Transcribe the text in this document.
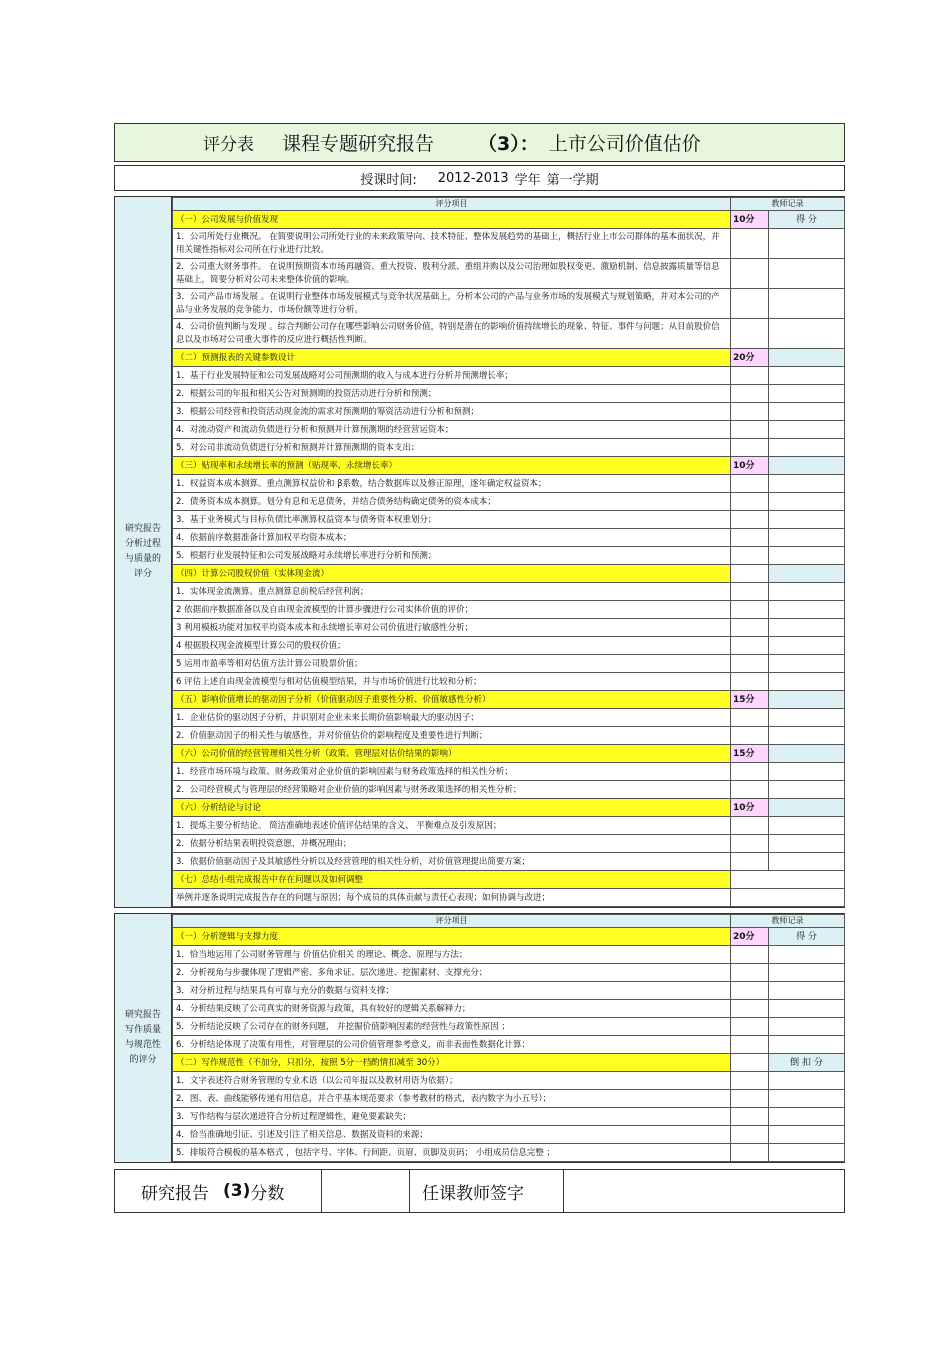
评分表 课程专题研究报告 （3）： 上市公司价值估价
授课时间: 2012-2013 学年 第一学期
研究报告分析过程与质量的评分
评分项目	教师记录	
（一）公司发展与价值发现	10分	得 分
1．公司所处行业概况。 在简要说明公司所处行业的未来政策导向、技术特征、整体发展趋势的基础上，概括行业上市公司群体的基本面状况，并用关键性指标对公司所在行业进行比较。		
2．公司重大财务事件。 在说明预期资本市场再融资、重大投资、股利分派、重组并购以及公司治理如股权变更、激励机制、信息披露质量等信息基础上，简要分析对公司未来整体价值的影响。		
3．公司产品市场发展 。在说明行业整体市场发展模式与竞争状况基础上，分析本公司的产品与业务市场的发展模式与规划策略，并对本公司的产品与业务发展的竞争能力、市场份额等进行分析。		
4．公司价值判断与发现 。综合判断公司存在哪些影响公司财务价值，特别是潜在的影响价值持续增长的现象、特征、事件与问题；从目前股价信息以及市场对公司重大事件的反应进行概括性判断。		
（二）预测报表的关键参数设计	20分	
1．基于行业发展特征和公司发展战略对公司预测期的收入与成本进行分析并预测增长率；		
2．根据公司的年报和相关公告对预测期的投资活动进行分析和预测；		
3．根据公司经营和投资活动现金流的需求对预测期的筹资活动进行分析和预测；		
4．对流动资产和流动负债进行分析和预测并计算预测期的经营营运资本；		
5．对公司非流动负债进行分析和预测并计算预测期的资本支出；		
（三）贴现率和永续增长率的预测（贴现率、永续增长率）	10分	
1．权益资本成本测算。重点测算权益价和 β系数，结合数据库以及修正原理，逐年确定权益资本；		
2．债务资本成本测算。划分有息和无息债务，并结合债务结构确定债务的资本成本；		
3．基于业务模式与目标负债比率测算权益资本与债务资本权重划分；		
4．依据前序数据准备计算加权平均资本成本；		
5．根据行业发展特征和公司发展战略对永续增长率进行分析和预测；		
（四）计算公司股权价值（实体现金流）		
1．实体现金流测算。重点测算息前税后经营利润；		
2 依据前序数据准备以及自由现金流模型的计算步骤进行公司实体价值的评价；		
3 利用模板功能对加权平均资本成本和永续增长率对公司价值进行敏感性分析；		
4 根据股权现金流模型计算公司的股权价值；		
5 运用市盈率等相对估值方法计算公司股票价值；		
6 评估上述自由现金流模型与相对估值模型结果，并与市场价值进行比较和分析；		
（五）影响价值增长的驱动因子分析（价值驱动因子重要性分析、价值敏感性分析）	15分	
1．企业估价的驱动因子分析，并识别对企业未来长期价值影响最大的驱动因子；		
2．价值驱动因子的相关性与敏感性，并对价值估价的影响程度及重要性进行判断；		
（六）公司价值的经营管理相关性分析（政策、管理层对估价结果的影响）	15分	
1．经营市场环境与政策、财务政策对企业价值的影响因素与财务政策选择的相关性分析；		
2．公司经营模式与管理层的经营策略对企业价值的影响因素与财务政策选择的相关性分析；		
（六）分析结论与讨论	10分	
1．提炼主要分析结论。 简洁准确地表述价值评估结果的含义、 平衡难点及引发原因；		
2．依据分析结果表明投资意愿，并概况理由；		
3．依据价值驱动因子及其敏感性分析以及经营管理的相关性分析，对价值管理提出简要方案；		
（七）总结小组完成报告中存在问题以及如何调整		
举例并逐条说明完成报告存在的问题与原因；每个成员的具体贡献与责任心表现；如何协调与改进；		
研究报告写作质量与规范性的评分
评分项目	教师记录	
（一）分析逻辑与支撑力度	20分	得 分
1．恰当地运用了公司财务管理与 价值估价相关 的理论、概念、原理与方法；		
2．分析视角与步骤体现了逻辑严密、多角求证、层次递进、挖掘素材、支撑充分；		
3．对分析过程与结果具有可靠与充分的数据与资料支撑；		
4．分析结果反映了公司真实的财务资源与政策，具有较好的逻辑关系解释力；		
5．分析结论反映了公司存在的财务问题， 并挖掘价值影响因素的经营性与政策性原因 ；		
6．分析结论体现了决策有用性，对管理层的公司价值管理参考意义，而非表面性数据化计算；		
（二）写作规范性（不加分，只扣分，按照 5分一档酌情扣减至 30分）		倒 扣 分
1．文字表述符合财务管理的专业术语（以公司年报以及教材用语为依据）；		
2．图、表、曲线能够传递有用信息，并合乎基本规范要求（参考教材的格式，表内数字为小五号）；		
3．写作结构与层次递进符合分析过程逻辑性，避免要素缺失；		
4．恰当准确地引证、引述及引注了相关信息、数据及资料的来源；		
5．排版符合模板的基本格式 ，包括字号、字体、行间距、页眉、页脚及页码； 小组成员信息完整 ；		
研究报告 (3) 分数	任课教师签字
